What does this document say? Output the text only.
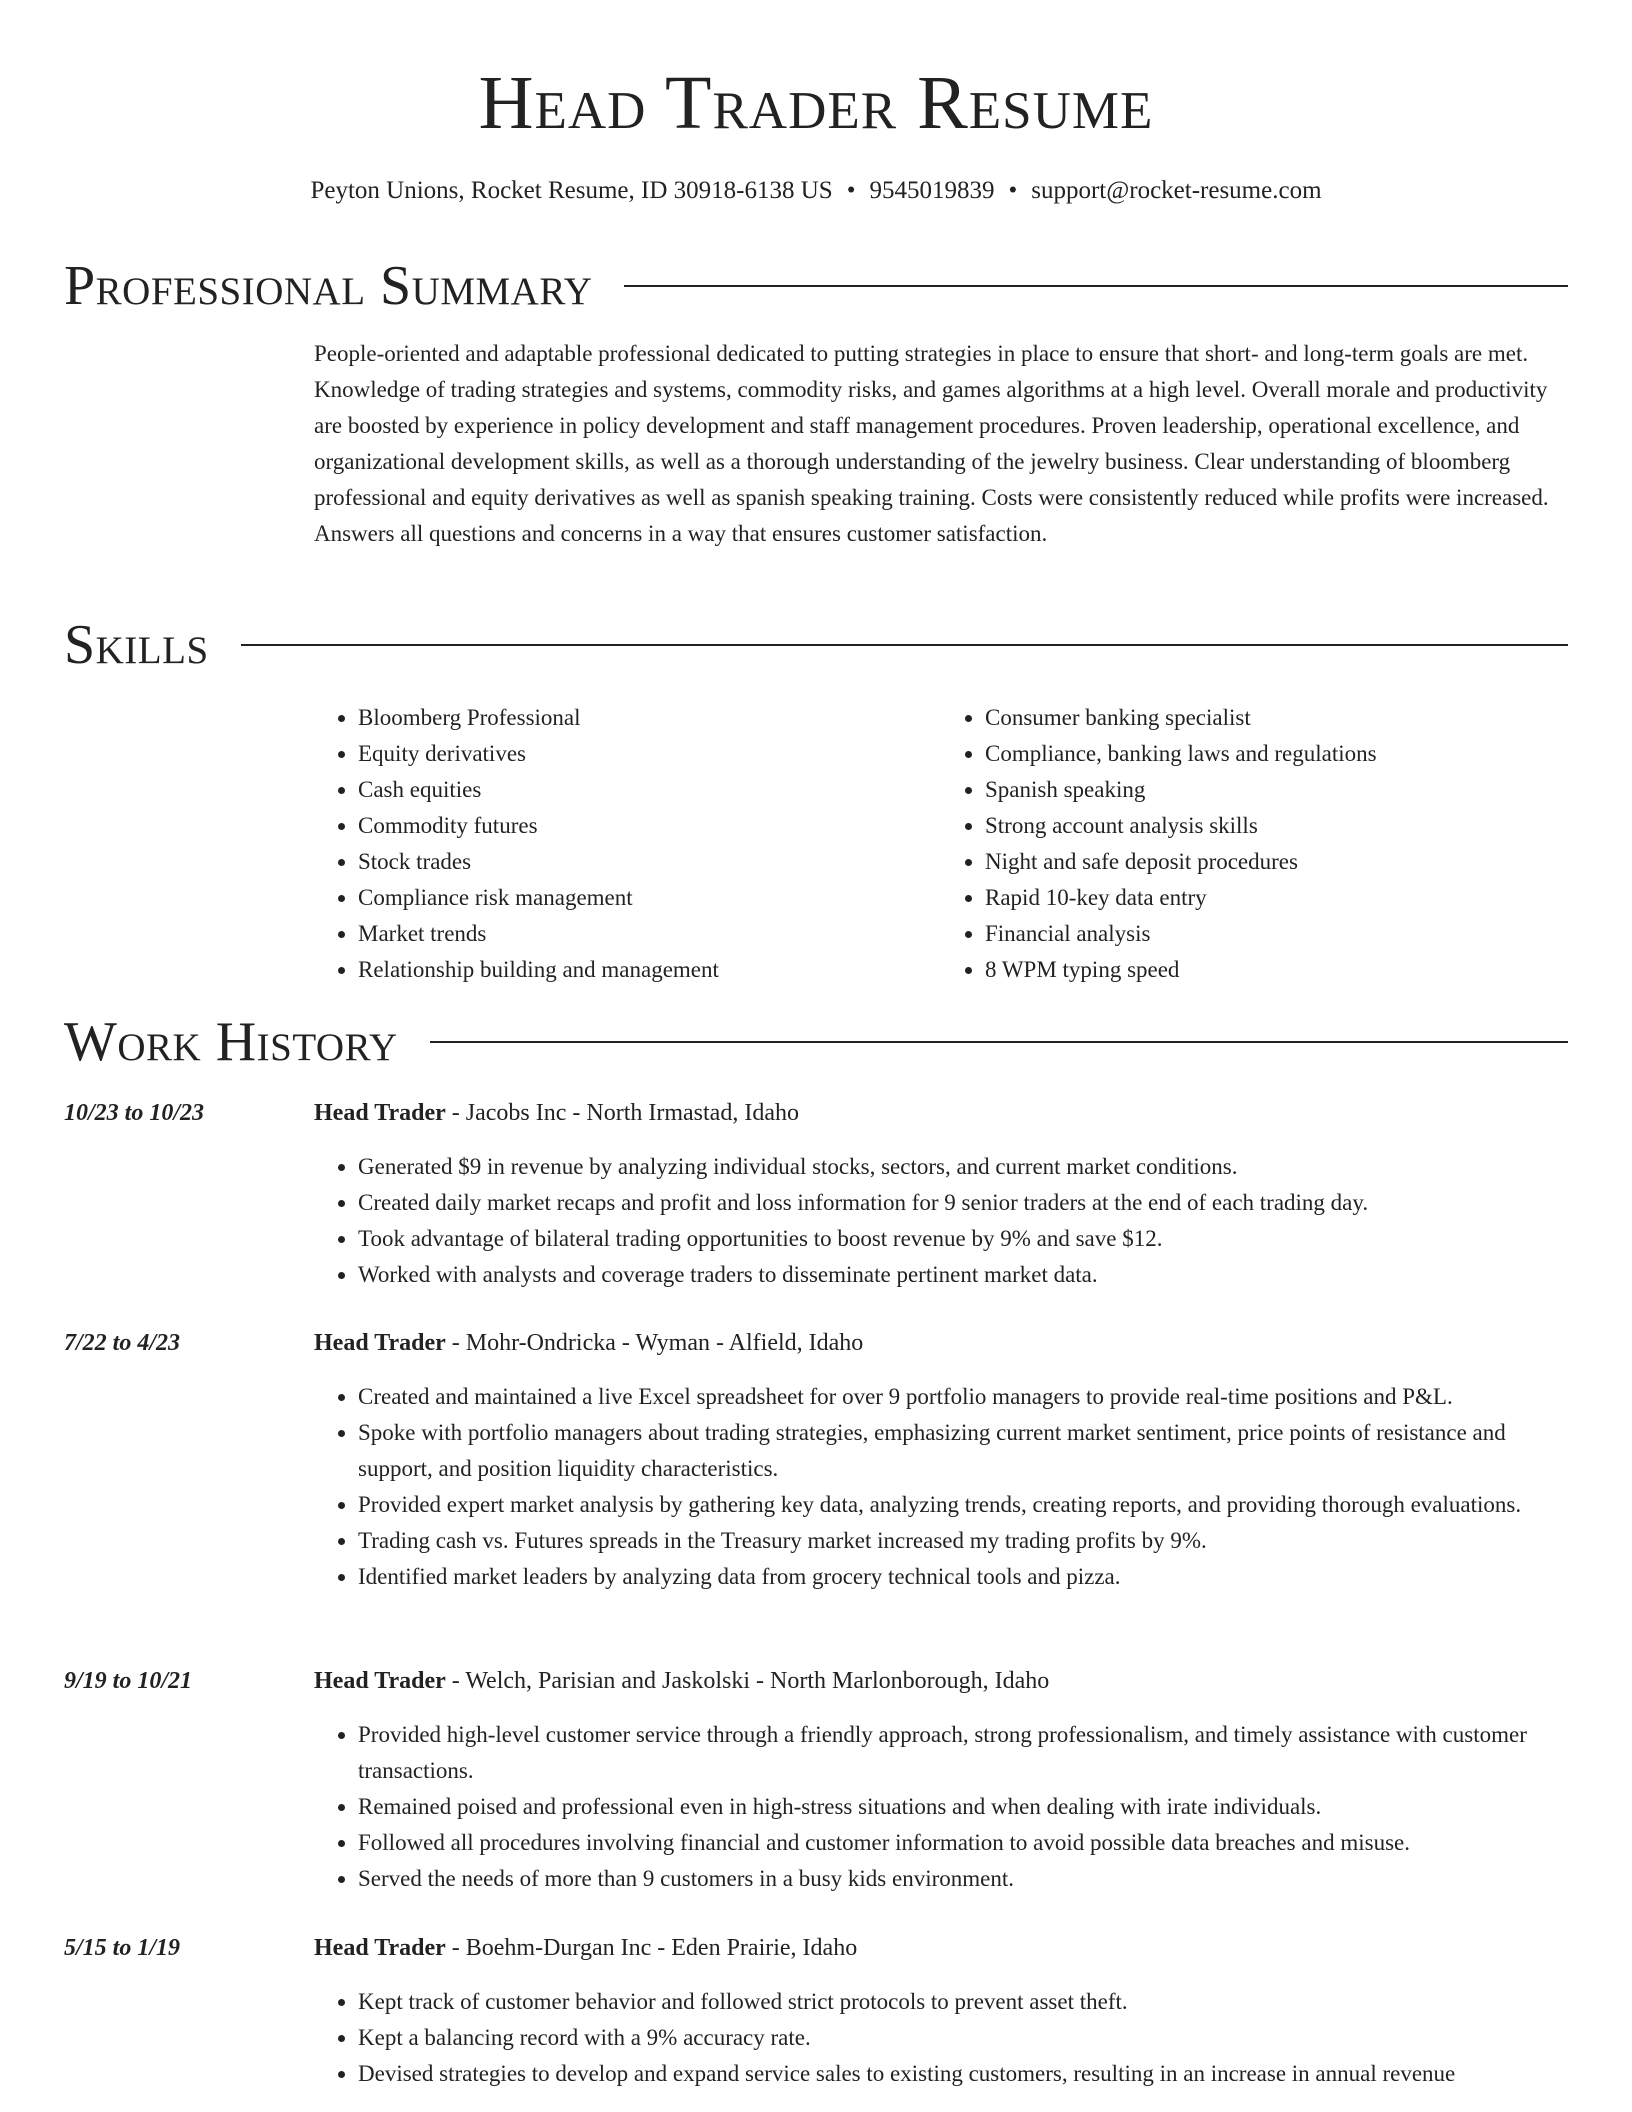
Head Trader Resume
Peyton Unions, Rocket Resume, ID 30918-6138 US • 9545019839 • support@rocket-resume.com
Professional Summary

People-oriented and adaptable professional dedicated to putting strategies in place to ensure that short- and long-term goals are met. Knowledge of trading strategies and systems, commodity risks, and games algorithms at a high level. Overall morale and productivity are boosted by experience in policy development and staff management procedures. Proven leadership, operational excellence, and organizational development skills, as well as a thorough understanding of the jewelry business. Clear understanding of bloomberg professional and equity derivatives as well as spanish speaking training. Costs were consistently reduced while profits were increased. Answers all questions and concerns in a way that ensures customer satisfaction.

Skills
• Bloomberg Professional
• Equity derivatives
• Cash equities
• Commodity futures
• Stock trades
• Compliance risk management
• Market trends
• Relationship building and management
• Consumer banking specialist
• Compliance, banking laws and regulations
• Spanish speaking
• Strong account analysis skills
• Night and safe deposit procedures
• Rapid 10-key data entry
• Financial analysis
• 8 WPM typing speed
Work History
10/23 to 10/23	Head Trader - Jacobs Inc - North Irmastad, Idaho
• Generated $9 in revenue by analyzing individual stocks, sectors, and current market conditions.
• Created daily market recaps and profit and loss information for 9 senior traders at the end of each trading day.
• Took advantage of bilateral trading opportunities to boost revenue by 9% and save $12.
• Worked with analysts and coverage traders to disseminate pertinent market data.
7/22 to 4/23	Head Trader - Mohr-Ondricka - Wyman - Alfield, Idaho
• Created and maintained a live Excel spreadsheet for over 9 portfolio managers to provide real-time positions and P&L.
• Spoke with portfolio managers about trading strategies, emphasizing current market sentiment, price points of resistance and support, and position liquidity characteristics.
• Provided expert market analysis by gathering key data, analyzing trends, creating reports, and providing thorough evaluations.
• Trading cash vs. Futures spreads in the Treasury market increased my trading profits by 9%.
• Identified market leaders by analyzing data from grocery technical tools and pizza.
9/19 to 10/21	Head Trader - Welch, Parisian and Jaskolski - North Marlonborough, Idaho
• Provided high-level customer service through a friendly approach, strong professionalism, and timely assistance with customer transactions.
• Remained poised and professional even in high-stress situations and when dealing with irate individuals.
• Followed all procedures involving financial and customer information to avoid possible data breaches and misuse.
• Served the needs of more than 9 customers in a busy kids environment.
5/15 to 1/19	Head Trader - Boehm-Durgan Inc - Eden Prairie, Idaho
• Kept track of customer behavior and followed strict protocols to prevent asset theft.
• Kept a balancing record with a 9% accuracy rate.
• Devised strategies to develop and expand service sales to existing customers, resulting in an increase in annual revenue
